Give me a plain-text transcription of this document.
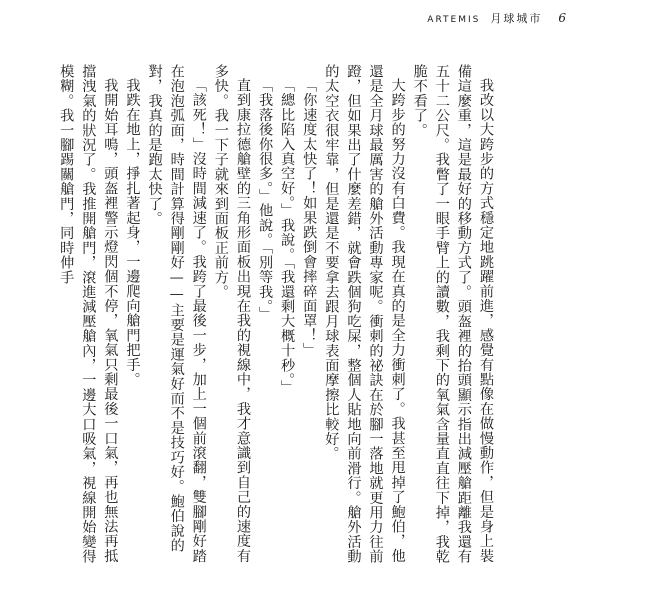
ARTEMIS 月球城市 6

我改以大跨步的方式穩定地跳躍前進，感覺有點像在做慢動作，但是身上裝備這麼重，這是最好的移動方式了。頭盔裡的抬頭顯示指出減壓艙距離我還有五十二公尺。我瞥了一眼手臂上的讀數，我剩下的氧氣含量直直往下掉，我乾脆不看了。

大跨步的努力沒有白費。我現在真的是全力衝刺了。我甚至甩掉了鮑伯，他還是全月球最厲害的艙外活動專家呢。衝刺的祕訣在於腳一落地就更用力往前蹬，但如果出了什麼差錯，就會跌個狗吃屎，整個人貼地向前滑行。艙外活動的太空衣很牢靠，但是還是不要拿去跟月球表面摩擦比較好。

「你速度太快了！如果跌倒會摔碎面罩！」

「總比陷入真空好。」我說。「我還剩大概十秒。」

「我落後你很多。」他說。「別等我。」

直到康拉德艙壁的三角形面板出現在我的視線中，我才意識到自己的速度有多快。我一下子就來到面板正前方。

「該死！」沒時間減速了。我跨了最後一步，加上一個前滾翻，雙腳剛好踏在泡泡弧面，時間計算得剛剛好——主要是運氣好而不是技巧好。鮑伯說的對，我真的是跑太快了。

我跌在地上，掙扎著起身，一邊爬向艙門把手。

我開始耳鳴，頭盔裡警示燈閃個不停，氧氣只剩最後一口氣，再也無法再抵擋洩氣的狀況了。我推開艙門，滾進減壓艙內，一邊大口吸氣，視線開始變得模糊。我一腳踢關艙門，同時伸手
